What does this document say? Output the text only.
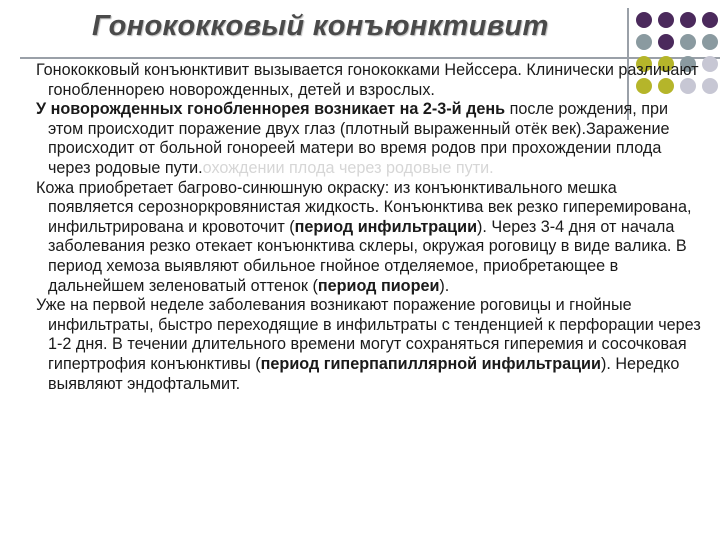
Гонококковый конъюнктивит

Гонококковый конъюнктивит вызывается гонококками Нейссера. Клинически различают гонобленнорею новорожденных, детей и взрослых.

У новорожденных гонобленнорея возникает на 2-3-й день после рождения, при этом происходит поражение двух глаз (плотный выраженный отёк век).Заражение происходит от больной гонореей матери во время родов при прохождении плода через родовые пути.охождении плода через родовые пути.

Кожа приобретает багрово-синюшную окраску: из конъюнктивального мешка появляется серозноркровянистая жидкость. Конъюнктива век резко гиперемирована, инфильтрирована и кровоточит (период инфильтрации). Через 3-4 дня от начала заболевания резко отекает конъюнктива склеры, окружая роговицу в виде валика. В период хемоза выявляют обильное гнойное отделяемое, приобретающее в дальнейшем зеленоватый оттенок (период пиореи).

Уже на первой неделе заболевания возникают поражение роговицы и гнойные инфильтраты, быстро переходящие в инфильтраты с тенденцией к перфорации через 1-2 дня. В течении длительного времени могут сохраняться гиперемия и сосочковая гипертрофия конъюнктивы (период гиперпапиллярной инфильтрации). Нередко выявляют эндофтальмит.
